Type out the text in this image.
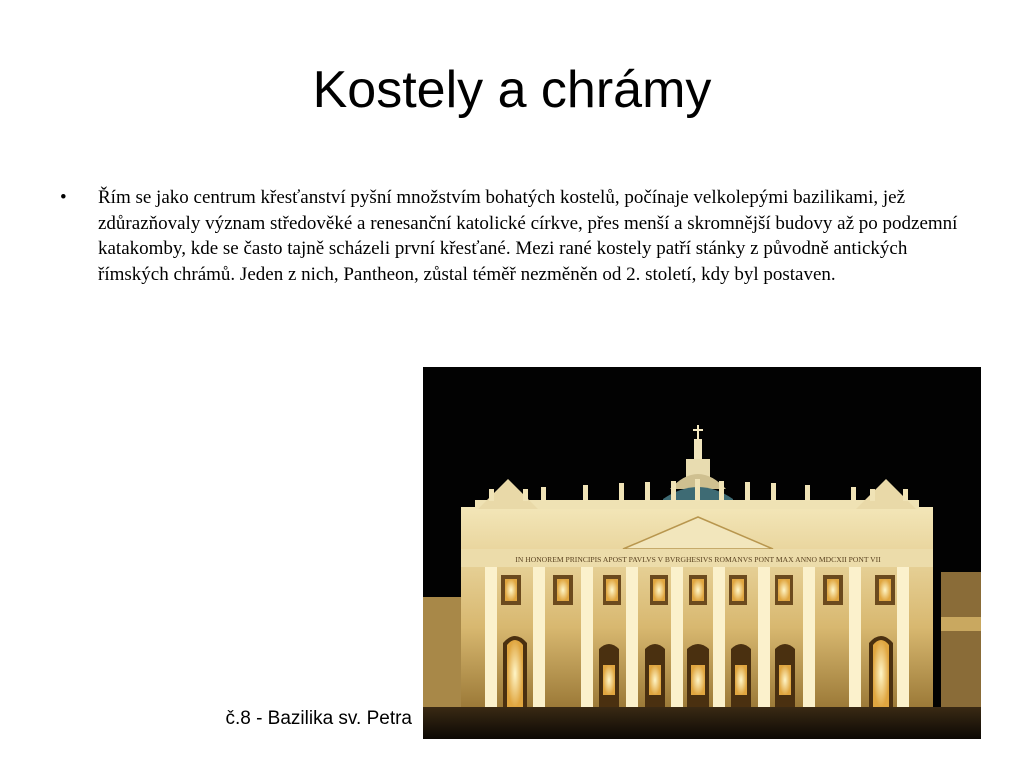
Kostely a chrámy
• Řím se jako centrum křesťanství pyšní množstvím bohatých kostelů, počínaje velkolepými bazilikami, jež zdůrazňovaly význam středověké a renesanční katolické církve, přes menší a skromnější budovy až po podzemní katakomby, kde se často tajně scházeli první křesťané. Mezi rané kostely patří stánky z původně antických římských chrámů. Jeden z nich, Pantheon, zůstal téměř nezměněn od 2. století, kdy byl postaven.
IN HONOREM PRINCIPIS APOST PAVLVS V BVRGHESIVS ROMANVS PONT MAX ANNO MDCXII PONT VII
č.8 - Bazilika sv. Petra
